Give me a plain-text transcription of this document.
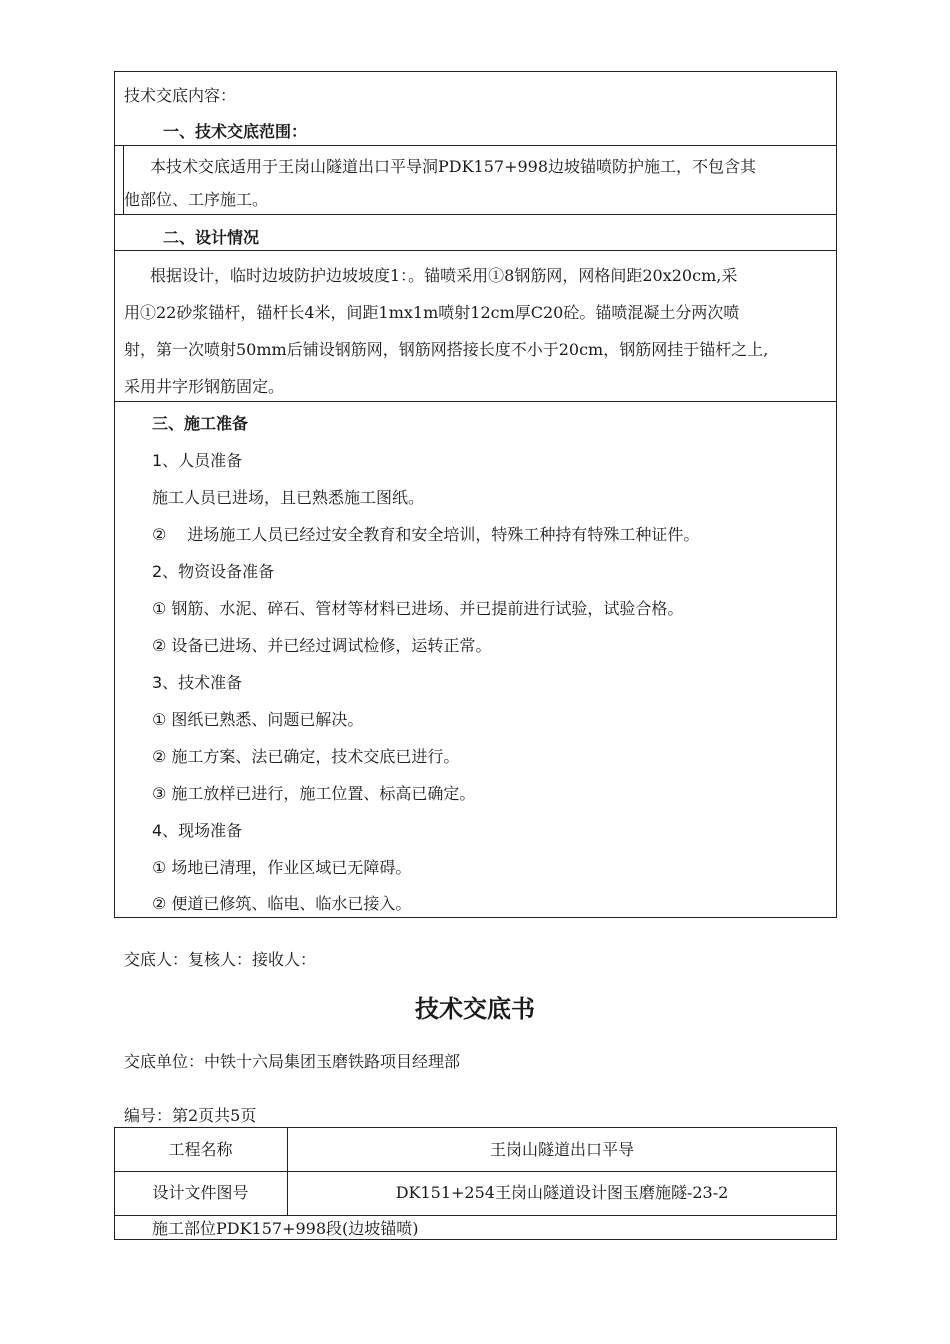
技术交底内容：
一、技术交底范围：
本技术交底适用于王岗山隧道出口平导洞PDK157+998边坡锚喷防护施工，不包含其
他部位、工序施工。
二、设计情况
根据设计，临时边坡防护边坡坡度1：。锚喷采用①8钢筋网，网格间距20x20cm,采
用①22砂浆锚杆，锚杆长4米，间距1mx1m喷射12cm厚C20砼。锚喷混凝土分两次喷
射，第一次喷射50mm后铺设钢筋网，钢筋网搭接长度不小于20cm，钢筋网挂于锚杆之上,
采用井字形钢筋固定。
三、施工准备
1、人员准备
施工人员已进场，且已熟悉施工图纸。
②　 进场施工人员已经过安全教育和安全培训，特殊工种持有特殊工种证件。
2、物资设备准备
① 钢筋、水泥、碎石、管材等材料已进场、并已提前进行试验，试验合格。
② 设备已进场、并已经过调试检修，运转正常。
3、技术准备
① 图纸已熟悉、问题已解决。
② 施工方案、法已确定，技术交底已进行。
③ 施工放样已进行，施工位置、标高已确定。
4、现场准备
① 场地已清理，作业区域已无障碍。
② 便道已修筑、临电、临水已接入。
交底人：复核人：接收人：
技术交底书
交底单位：中铁十六局集团玉磨铁路项目经理部
编号：第2页共5页
工程名称	王岗山隧道出口平导
设计文件图号	DK151+254王岗山隧道设计图玉磨施隧-23-2
施工部位PDK157+998段(边坡锚喷)
